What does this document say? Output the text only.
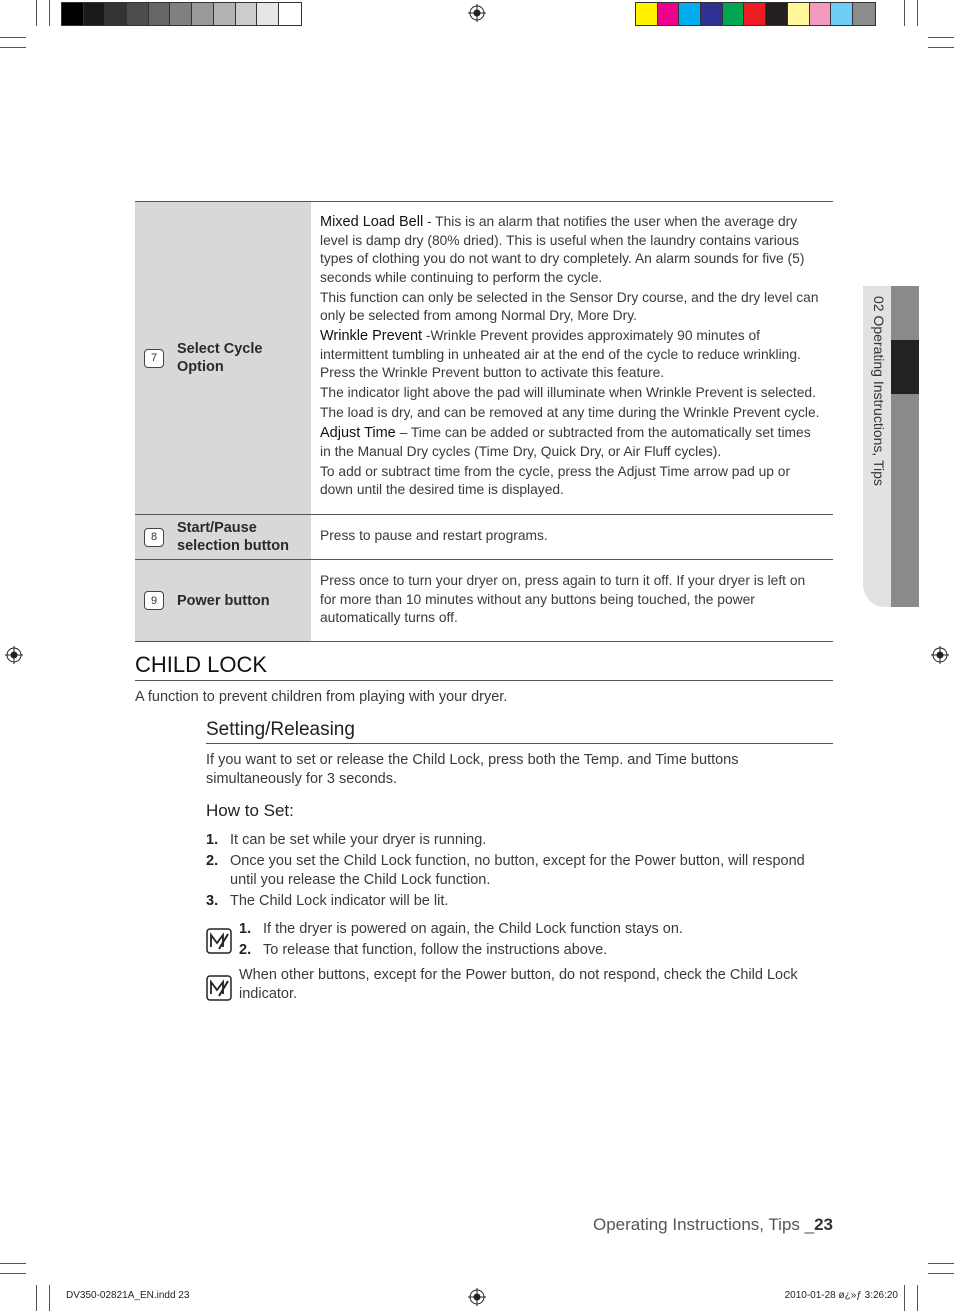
02 Operating Instructions, Tips
7
Select Cycle Option

Mixed Load Bell - This is an alarm that notifies the user when the average dry level is damp dry (80% dried). This is useful when the laundry contains various types of clothing you do not want to dry completely. An alarm sounds for five (5) seconds while continuing to perform the cycle.

This function can only be selected in the Sensor Dry course, and the dry level can only be selected from among Normal Dry, More Dry.

Wrinkle Prevent -Wrinkle Prevent provides approximately 90 minutes of intermittent tumbling in unheated air at the end of the cycle to reduce wrinkling. Press the Wrinkle Prevent button to activate this feature.

The indicator light above the pad will illuminate when Wrinkle Prevent is selected.

The load is dry, and can be removed at any time during the Wrinkle Prevent cycle.

Adjust Time – Time can be added or subtracted from the automatically set times in the Manual Dry cycles (Time Dry, Quick Dry, or Air Fluff cycles).

To add or subtract time from the cycle, press the Adjust Time arrow pad up or down until the desired time is displayed.

8
Start/Pause selection button

Press to pause and restart programs.

9	Power button

Press once to turn your dryer on, press again to turn it off. If your dryer is left on for more than 10 minutes without any buttons being touched, the power automatically turns off.

CHILD LOCK
A function to prevent children from playing with your dryer.
Setting/Releasing
If you want to set or release the Child Lock, press both the Temp. and Time buttons simultaneously for 3 seconds.
How to Set:
1. It can be set while your dryer is running.
2. Once you set the Child Lock function, no button, except for the Power button, will respond until you release the Child Lock function.
3. The Child Lock indicator will be lit.
1. If the dryer is powered on again, the Child Lock function stays on.
2. To release that function, follow the instructions above.
When other buttons, except for the Power button, do not respond, check the Child Lock indicator.
Operating Instructions, Tips _23
DV350-02821A_EN.indd 23	2010-01-28 ø¿»ƒ 3:26:20
